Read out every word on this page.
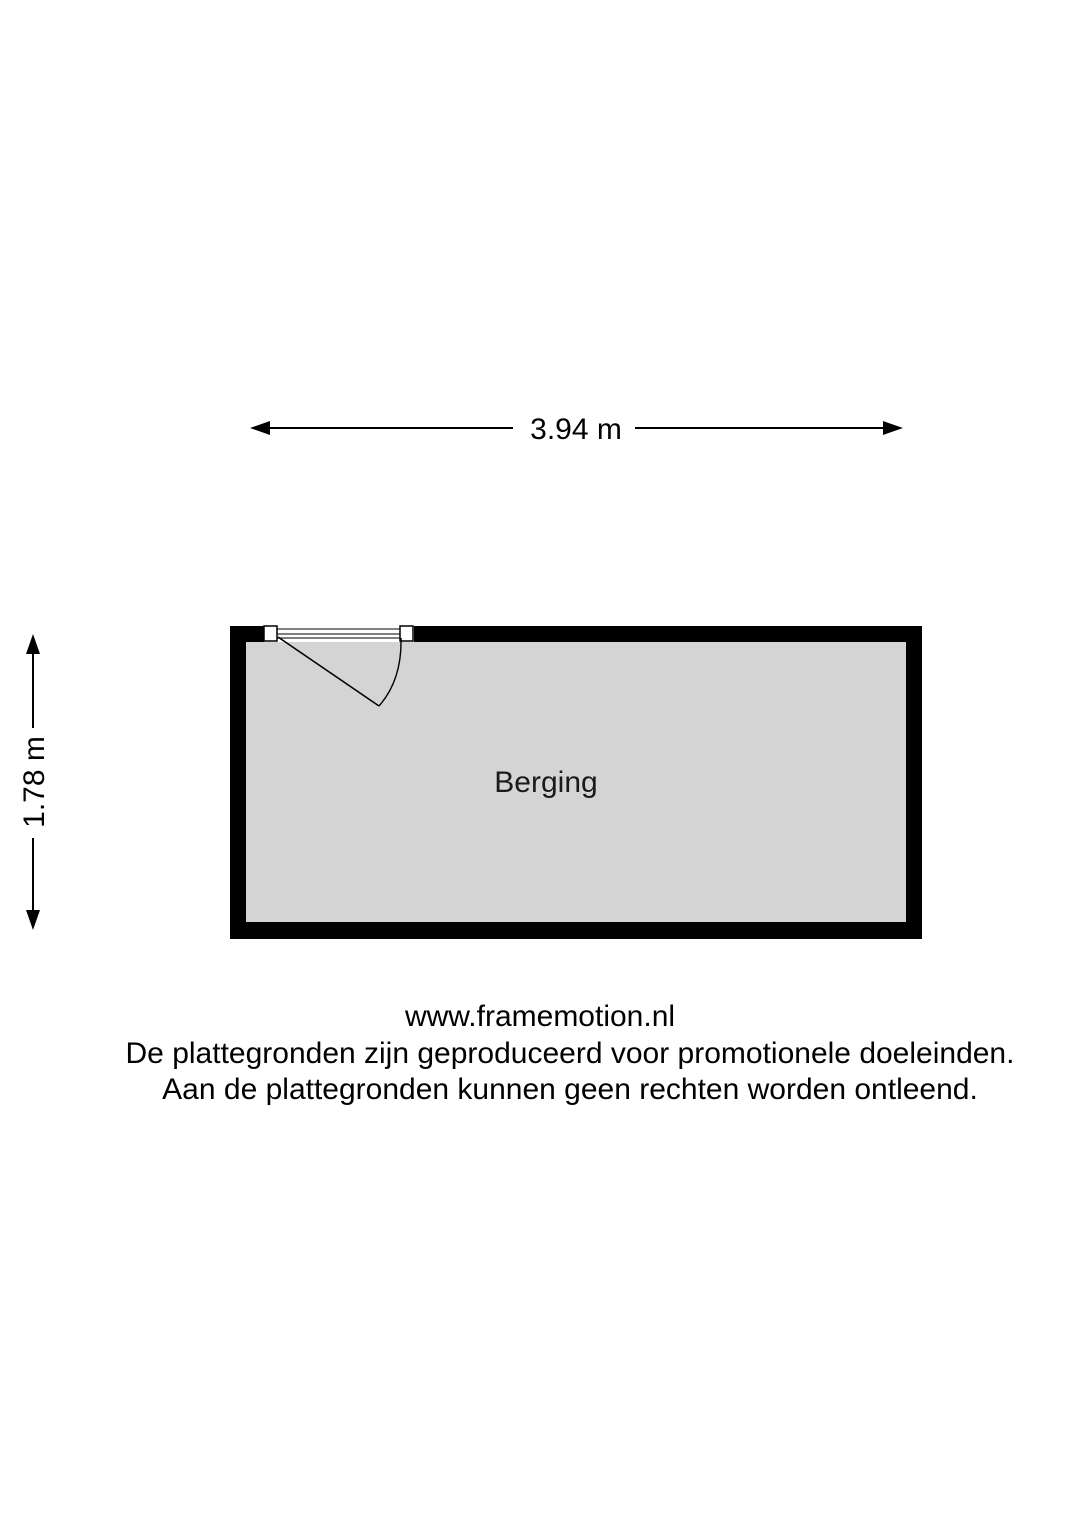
3.94 m
1.78 m	Berging
www.framemotion.nl
De plattegronden zijn geproduceerd voor promotionele doeleinden.
Aan de plattegronden kunnen geen rechten worden ontleend.
